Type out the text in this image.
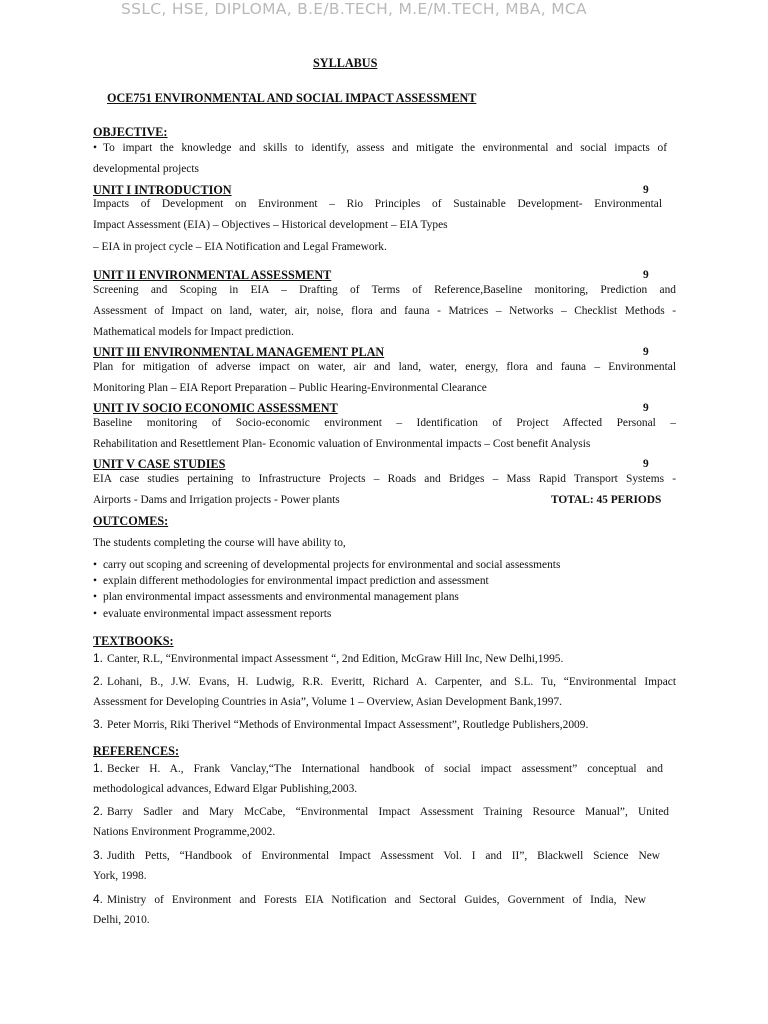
SSLC, HSE, DIPLOMA, B.E/B.TECH, M.E/M.TECH, MBA, MCA
SYLLABUS
OCE751 ENVIRONMENTAL AND SOCIAL IMPACT ASSESSMENT
OBJECTIVE:
• To impart the knowledge and skills to identify, assess and mitigate the environmental and social impacts of
developmental projects
UNIT I INTRODUCTION	9
Impacts of Development on Environment – Rio Principles of Sustainable Development- Environmental
Impact Assessment (EIA) – Objectives – Historical development – EIA Types
– EIA in project cycle – EIA Notification and Legal Framework.
UNIT II ENVIRONMENTAL ASSESSMENT	9
Screening and Scoping in EIA – Drafting of Terms of Reference,Baseline monitoring, Prediction and
Assessment of Impact on land, water, air, noise, flora and fauna - Matrices – Networks – Checklist Methods -
Mathematical models for Impact prediction.
UNIT III ENVIRONMENTAL MANAGEMENT PLAN	9
Plan for mitigation of adverse impact on water, air and land, water, energy, flora and fauna – Environmental
Monitoring Plan – EIA Report Preparation – Public Hearing-Environmental Clearance
UNIT IV SOCIO ECONOMIC ASSESSMENT	9
Baseline monitoring of Socio-economic environment – Identification of Project Affected Personal –
Rehabilitation and Resettlement Plan- Economic valuation of Environmental impacts – Cost benefit Analysis
UNIT V CASE STUDIES	9
EIA case studies pertaining to Infrastructure Projects – Roads and Bridges – Mass Rapid Transport Systems -
Airports - Dams and Irrigation projects - Power plants	TOTAL: 45 PERIODS
OUTCOMES:
The students completing the course will have ability to,
• carry out scoping and screening of developmental projects for environmental and social assessments
• explain different methodologies for environmental impact prediction and assessment
• plan environmental impact assessments and environmental management plans
• evaluate environmental impact assessment reports
TEXTBOOKS:
1. Canter, R.L, “Environmental impact Assessment “, 2nd Edition, McGraw Hill Inc, New Delhi,1995.
2. Lohani, B., J.W. Evans, H. Ludwig, R.R. Everitt, Richard A. Carpenter, and S.L. Tu, “Environmental Impact
Assessment for Developing Countries in Asia”, Volume 1 – Overview, Asian Development Bank,1997.
3. Peter Morris, Riki Therivel “Methods of Environmental Impact Assessment”, Routledge Publishers,2009.
REFERENCES:
1. Becker H. A., Frank Vanclay,“The International handbook of social impact assessment” conceptual and
methodological advances, Edward Elgar Publishing,2003.
2. Barry Sadler and Mary McCabe, “Environmental Impact Assessment Training Resource Manual”, United
Nations Environment Programme,2002.
3. Judith Petts, “Handbook of Environmental Impact Assessment Vol. I and II”, Blackwell Science New
York, 1998.
4. Ministry of Environment and Forests EIA Notification and Sectoral Guides, Government of India, New
Delhi, 2010.
